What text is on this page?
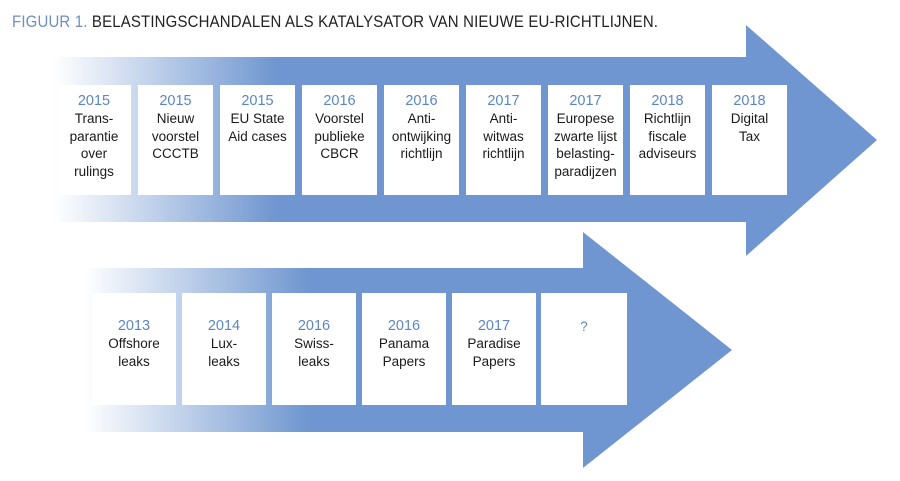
FIGUUR 1. BELASTINGSCHANDALEN ALS KATALYSATOR VAN NIEUWE EU-RICHTLIJNEN.
2015
Trans-
parantie
over
rulings
2015
Nieuw
voorstel
CCCTB
2015
EU State
Aid cases
2016
Voorstel
publieke
CBCR
2016
Anti-
ontwijking
richtlijn
2017
Anti-
witwas
richtlijn
2017
Europese
zwarte lijst
belasting-
paradijzen
2018
Richtlijn
fiscale
adviseurs
2018
Digital
Tax
2013
Offshore
leaks
2014
Lux-
leaks
2016
Swiss-
leaks
2016
Panama
Papers
2017
Paradise
Papers
?
